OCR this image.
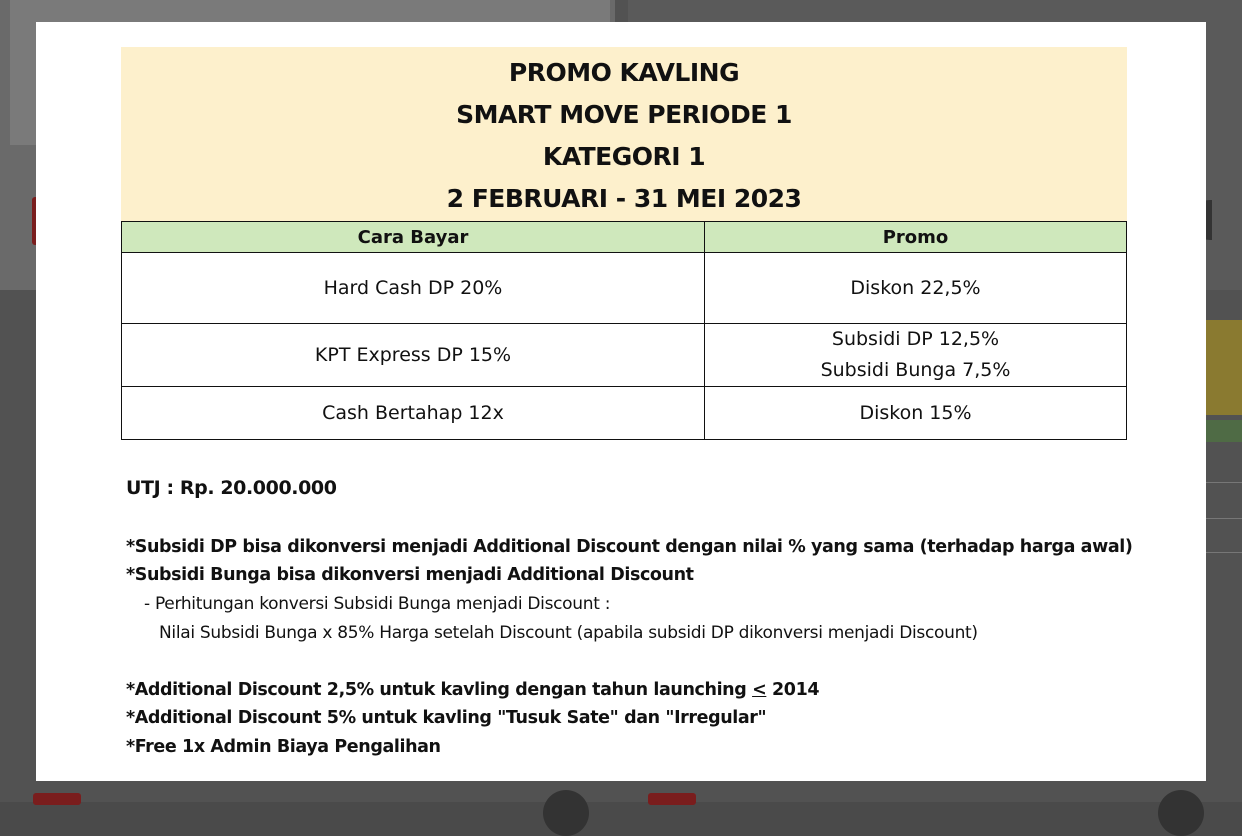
PROMO KAVLING
SMART MOVE PERIODE 1
KATEGORI 1
2 FEBRUARI - 31 MEI 2023
Cara Bayar	Promo
Hard Cash DP 20%	Diskon 22,5%
KPT Express DP 15%	Subsidi DP 12,5%
Subsidi Bunga 7,5%

Cash Bertahap 12x	Diskon 15%
UTJ : Rp. 20.000.000
*Subsidi DP bisa dikonversi menjadi Additional Discount dengan nilai % yang sama (terhadap harga awal)
*Subsidi Bunga bisa dikonversi menjadi Additional Discount
- Perhitungan konversi Subsidi Bunga menjadi Discount :
Nilai Subsidi Bunga x 85% Harga setelah Discount (apabila subsidi DP dikonversi menjadi Discount)
*Additional Discount 2,5% untuk kavling dengan tahun launching ≤ 2014
*Additional Discount 5% untuk kavling "Tusuk Sate" dan "Irregular"
*Free 1x Admin Biaya Pengalihan
